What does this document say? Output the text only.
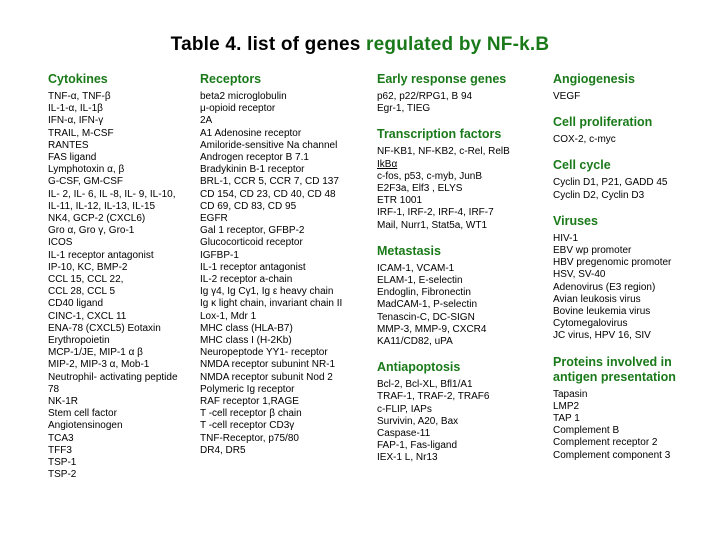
Table 4. list of genes regulated by NF-k.B
Cytokines
TNF-α, TNF-β
IL-1-α, IL-1β
IFN-α, IFN-γ
TRAIL, M-CSF
RANTES
FAS ligand
Lymphotoxin α, β
G-CSF, GM-CSF
IL- 2, IL- 6, IL -8, IL- 9, IL-10,
IL-11, IL-12, IL-13, IL-15
NK4, GCP-2 (CXCL6)
Gro α, Gro γ, Gro-1
ICOS
IL-1 receptor antagonist
IP-10, KC, BMP-2
CCL 15, CCL 22,
CCL 28, CCL 5
CD40 ligand
CINC-1, CXCL 11
ENA-78 (CXCL5) Eotaxin
Erythropoietin
MCP-1/JE, MIP-1 α β
MIP-2, MIP-3 α, Mob-1
Neutrophil- activating peptide
78
NK-1R
Stem cell factor
Angiotensinogen
TCA3
TFF3
TSP-1
TSP-2
Receptors
beta2 microglobulin
μ-opioid receptor
2A
A1 Adenosine receptor
Amiloride-sensitive Na channel
Androgen receptor B 7.1
Bradykinin B-1 receptor
BRL-1, CCR 5, CCR 7, CD 137
CD 154, CD 23, CD 40, CD 48
CD 69, CD 83, CD 95
EGFR
Gal 1 receptor, GFBP-2
Glucocorticoid receptor
IGFBP-1
IL-1 receptor antagonist
IL-2 receptor a-chain
Ig γ4, Ig Cγ1, Ig ε heavy chain
Ig κ light chain, invariant chain II
Lox-1, Mdr 1
MHC class (HLA-B7)
MHC class I (H-2Kb)
Neuropeptode YY1- receptor
NMDA receptor subunint NR-1
NMDA receptor subunit Nod 2
Polymeric Ig receptor
RAF receptor 1,RAGE
T -cell receptor β chain
T -cell receptor CD3γ
TNF-Receptor, p75/80
DR4, DR5
Early response genes
p62, p22/RPG1, B 94
Egr-1, TIEG
Transcription factors
NF-KB1, NF-KB2, c-Rel, RelB
IkBα
c-fos, p53, c-myb, JunB
E2F3a, Elf3 , ELYS
ETR 1001
IRF-1, IRF-2, IRF-4, IRF-7
Mail, Nurr1, Stat5a, WT1
Metastasis
ICAM-1, VCAM-1
ELAM-1, E-selectin
Endoglin, Fibronectin
MadCAM-1, P-selectin
Tenascin-C, DC-SIGN
MMP-3, MMP-9, CXCR4
KA11/CD82, uPA
Antiapoptosis
Bcl-2, Bcl-XL, Bfl1/A1
TRAF-1, TRAF-2, TRAF6
c-FLIP, IAPs
Survivin, A20, Bax
Caspase-11
FAP-1, Fas-ligand
IEX-1 L, Nr13
Angiogenesis
VEGF
Cell proliferation
COX-2, c-myc
Cell cycle
Cyclin D1, P21, GADD 45
Cyclin D2, Cyclin D3
Viruses
HIV-1
EBV wp promoter
HBV pregenomic promoter
HSV, SV-40
Adenovirus (E3 region)
Avian leukosis virus
Bovine leukemia virus
Cytomegalovirus
JC virus, HPV 16, SIV
Proteins involved in antigen presentation
Tapasin
LMP2
TAP 1
Complement B
Complement receptor 2
Complement component 3
